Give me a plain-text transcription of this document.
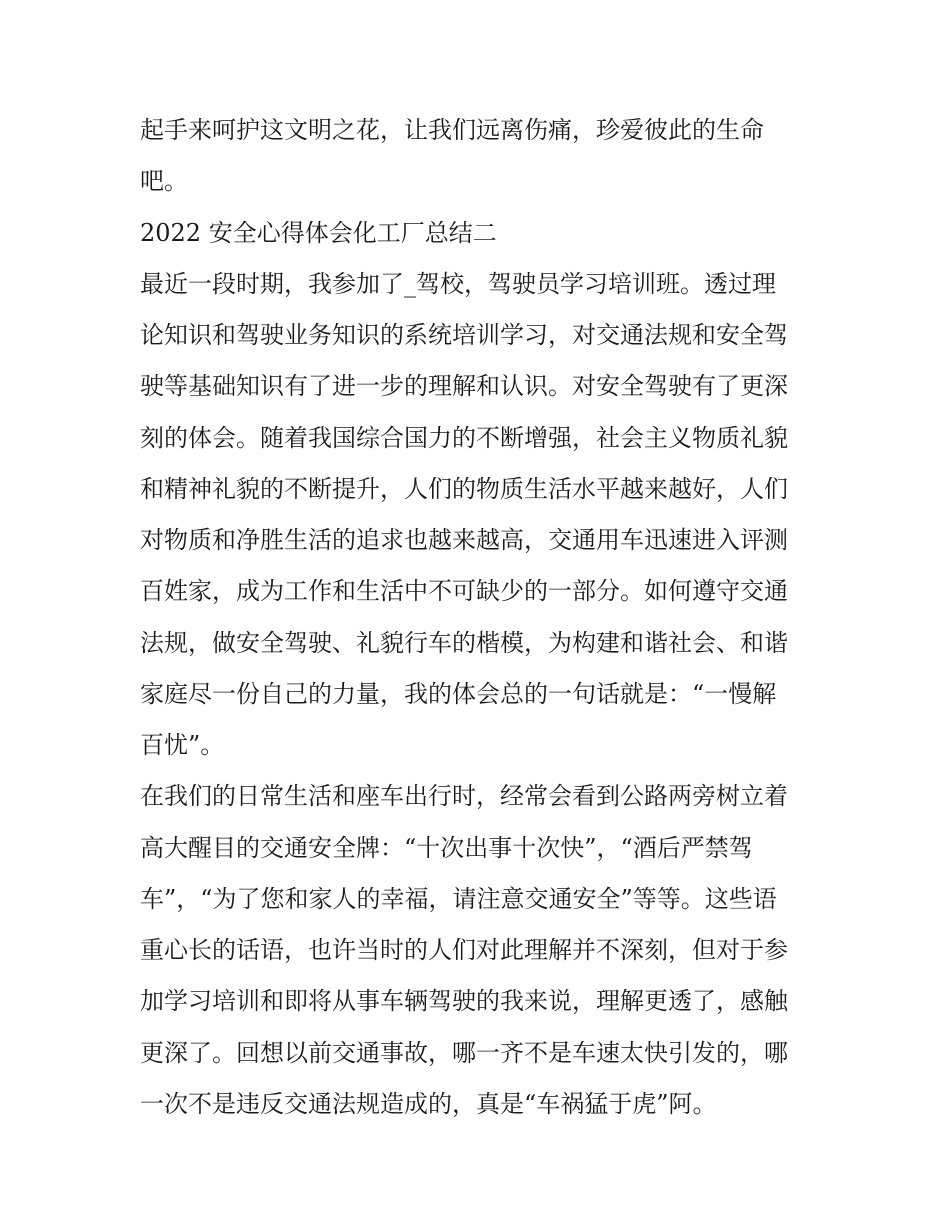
起手来呵护这文明之花，让我们远离伤痛，珍爱彼此的生命
吧。
2022 安全心得体会化工厂总结二
最近一段时期，我参加了_驾校，驾驶员学习培训班。透过理
论知识和驾驶业务知识的系统培训学习，对交通法规和安全驾
驶等基础知识有了进一步的理解和认识。对安全驾驶有了更深
刻的体会。随着我国综合国力的不断增强，社会主义物质礼貌
和精神礼貌的不断提升，人们的物质生活水平越来越好，人们
对物质和净胜生活的追求也越来越高，交通用车迅速进入评测
百姓家，成为工作和生活中不可缺少的一部分。如何遵守交通
法规，做安全驾驶、礼貌行车的楷模，为构建和谐社会、和谐
家庭尽一份自己的力量，我的体会总的一句话就是：“一慢解
百忧”。
在我们的日常生活和座车出行时，经常会看到公路两旁树立着
高大醒目的交通安全牌：“十次出事十次快”，“酒后严禁驾
车”，“为了您和家人的幸福，请注意交通安全”等等。这些语
重心长的话语，也许当时的人们对此理解并不深刻，但对于参
加学习培训和即将从事车辆驾驶的我来说，理解更透了，感触
更深了。回想以前交通事故，哪一齐不是车速太快引发的，哪
一次不是违反交通法规造成的，真是“车祸猛于虎”阿。
